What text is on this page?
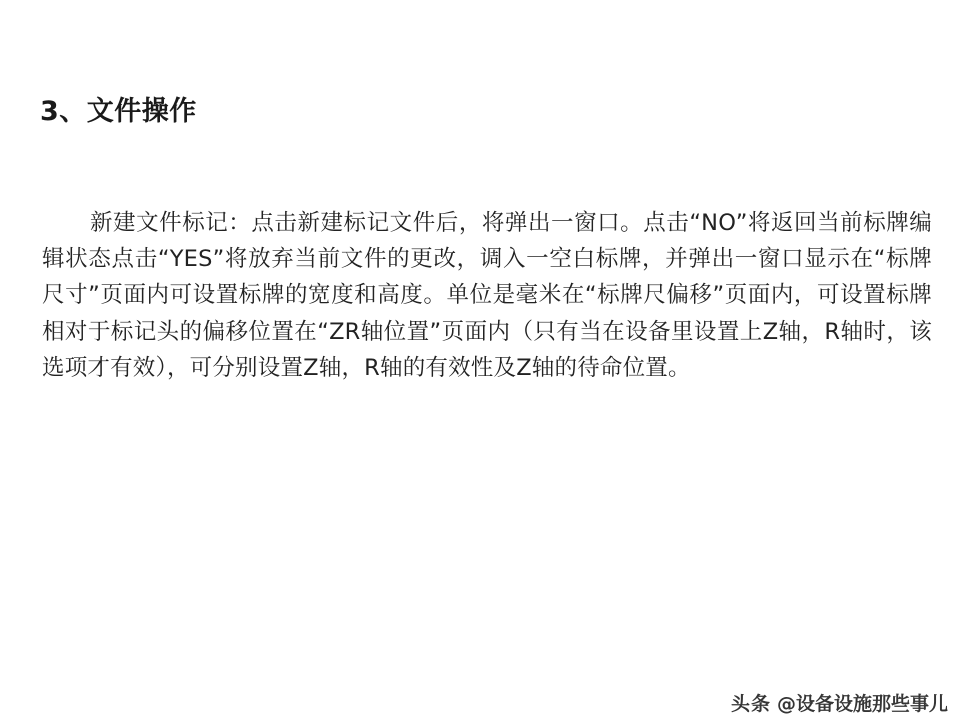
3、文件操作

新建文件标记：点击新建标记文件后，将弹出一窗口。点击“NO”将返回当前标牌编辑状态点击“YES”将放弃当前文件的更改，调入一空白标牌，并弹出一窗口显示在“标牌尺寸”页面内可设置标牌的宽度和高度。单位是毫米在“标牌尺偏移”页面内，可设置标牌相对于标记头的偏移位置在“ZR轴位置”页面内（只有当在设备里设置上Z轴，R轴时，该选项才有效），可分别设置Z轴，R轴的有效性及Z轴的待命位置。

头条 @设备设施那些事儿
